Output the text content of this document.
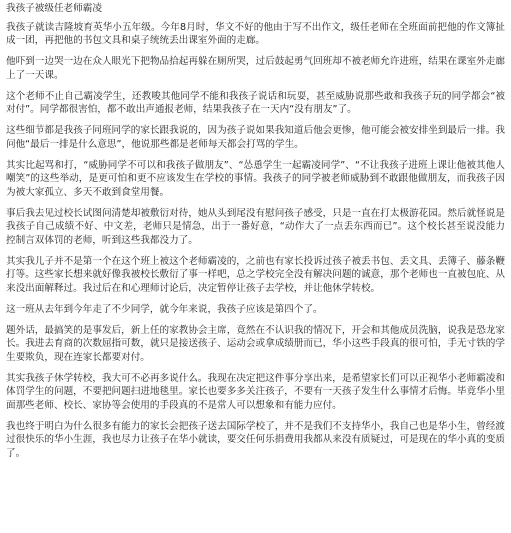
我孩子被级任老师霸凌
我孩子就读吉隆坡育英华小五年级。今年8月时，华文不好的他由于写不出作文，级任老师在全班面前把他的作文簿扯成一团，再把他的书包文具和桌子统统丢出课室外面的走廊。
他吓到一边哭一边在众人眼光下把物品拾起再躲在厕所哭，过后鼓起勇气回班却不被老师允许进班，结果在课室外走廊上了一天课。
这个老师不止自己霸凌学生，还教唆其他同学不能和我孩子说话和玩耍，甚至威胁说那些敢和我孩子玩的同学都会“被对付”。同学都很害怕，都不敢出声通报老师，结果我孩子在一天内“没有朋友”了。
这些细节都是我孩子同班同学的家长跟我说的，因为孩子说如果我知道后他会更惨，他可能会被安排坐到最后一排。我问他“最后一排是什么意思”，他说那些都是老师每天都会打骂的学生。
其实比起骂和打，“威胁同学不可以和我孩子做朋友”、“怂恿学生一起霸凌同学”、“不让我孩子进班上课让他被其他人嘲笑”的这些举动，是更可怕和更不应该发生在学校的事情。我孩子的同学被老师威胁到不敢跟他做朋友，而我孩子因为被大家孤立、多天不敢到食堂用餐。
事后我去见过校长试图问清楚却被敷衍对待，她从头到尾没有慰问孩子感受，只是一直在打太极游花园。然后就怪说是我孩子自己成绩不好、中文差，老师只是情急，出于一番好意，“动作大了一点丢东西而已”。这个校长甚至说没能力控制言双体罚的老师，听到这些我都没力了。
其实我儿子并不是第一个在这个班上被这个老师霸凌的，之前也有家长投诉过孩子被丢书包、丢文具、丢簿子、藤条鞭打等。这些家长想来就好像我被校长敷衍了事一样吧，总之学校完全没有解决问题的诚意，那个老师也一直被包庇、从来没出面解释过。我过后在和心理师讨论后，决定暂停让孩子去学校，并让他休学转校。
这一班从去年到今年走了不少同学，就今年来说，我孩子应该是第四个了。
题外话，最搞笑的是事发后，新上任的家教协会主席，竟然在不认识我的情况下，开会和其他成员洗脑，说我是恐龙家长。我进去育商的次数屈指可数，就只是接送孩子、运动会或拿成绩册而已，华小这些手段真的很可怕，手无寸铁的学生要欺负，现在连家长都要对付。
其实我孩子休学转校，我大可不必再多说什么。我现在决定把这件事分享出来，是希望家长们可以正视华小老师霸凌和体罚学生的问题，不要把问题扫进地毯里。家长也要多多关注孩子，不要有一天孩子发生什么事情才后悔。毕竟华小里面那些老师、校长、家协等会使用的手段真的不是常人可以想象和有能力应付。
我也终于明白为什么很多有能力的家长会把孩子送去国际学校了，并不是我们不支持华小，我自己也是华小生，曾经渡过很快乐的华小生涯，我也尽力让孩子在华小就读，要交任何乐捐费用我都从来没有质疑过，可是现在的华小真的变质了。
